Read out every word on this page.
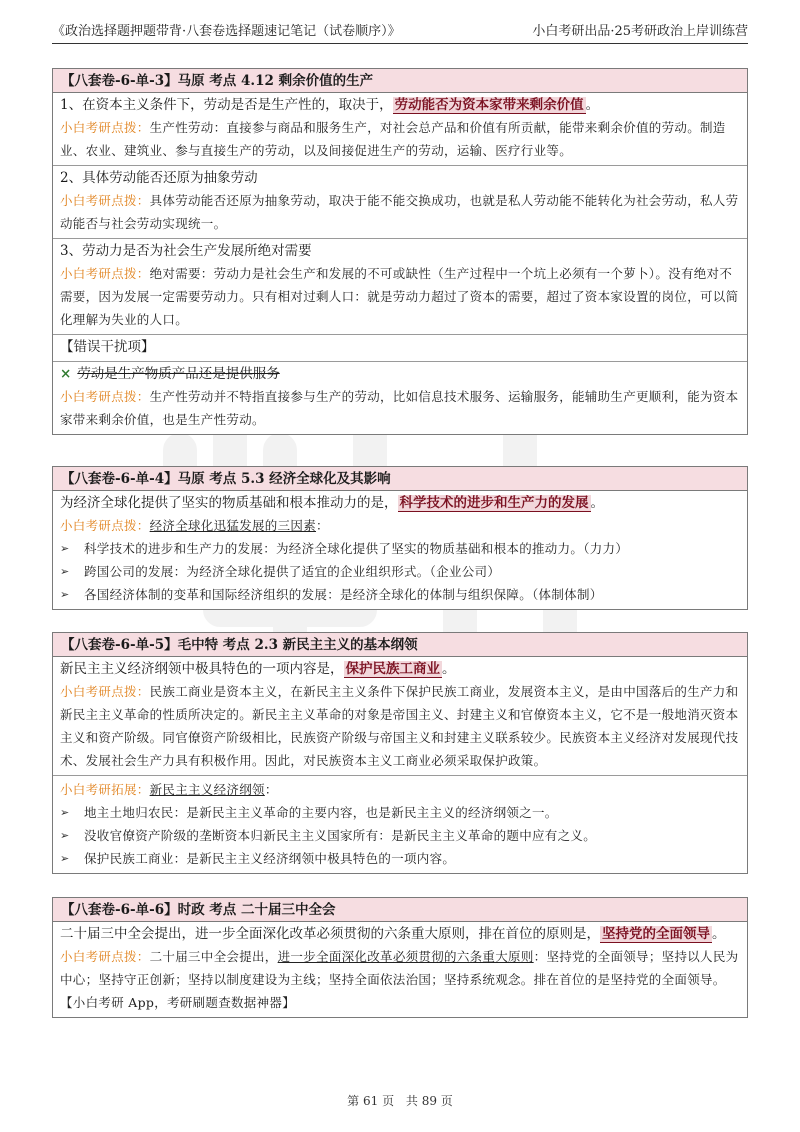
《政治选择题押题带背·八套卷选择题速记笔记（试卷顺序）》	小白考研出品·25考研政治上岸训练营
【八套卷-6-单-3】马原 考点 4.12 剩余价值的生产
1、在资本主义条件下，劳动是否是生产性的，取决于， 劳动能否为资本家带来剩余价值 。
小白考研点拨：生产性劳动：直接参与商品和服务生产，对社会总产品和价值有所贡献，能带来剩余价值的劳动。制造业、农业、建筑业、参与直接生产的劳动，以及间接促进生产的劳动，运输、医疗行业等。
2、具体劳动能否还原为抽象劳动
小白考研点拨：具体劳动能否还原为抽象劳动，取决于能不能交换成功，也就是私人劳动能不能转化为社会劳动，私人劳动能否与社会劳动实现统一。
3、劳动力是否为社会生产发展所绝对需要
小白考研点拨：绝对需要：劳动力是社会生产和发展的不可或缺性（生产过程中一个坑上必须有一个萝卜）。没有绝对不需要，因为发展一定需要劳动力。只有相对过剩人口：就是劳动力超过了资本的需要，超过了资本家设置的岗位，可以简化理解为失业的人口。
【错误干扰项】
× 劳动是生产物质产品还是提供服务
小白考研点拨：生产性劳动并不特指直接参与生产的劳动，比如信息技术服务、运输服务，能辅助生产更顺利，能为资本家带来剩余价值，也是生产性劳动。
【八套卷-6-单-4】马原 考点 5.3 经济全球化及其影响
为经济全球化提供了坚实的物质基础和根本推动力的是， 科学技术的进步和生产力的发展 。
小白考研点拨：经济全球化迅猛发展的三因素：
➢	科学技术的进步和生产力的发展：为经济全球化提供了坚实的物质基础和根本的推动力。（力力）
➢	跨国公司的发展：为经济全球化提供了适宜的企业组织形式。（企业公司）
➢	各国经济体制的变革和国际经济组织的发展：是经济全球化的体制与组织保障。（体制体制）
【八套卷-6-单-5】毛中特 考点 2.3 新民主主义的基本纲领
新民主主义经济纲领中极具特色的一项内容是， 保护民族工商业 。
小白考研点拨：民族工商业是资本主义，在新民主主义条件下保护民族工商业，发展资本主义，是由中国落后的生产力和新民主主义革命的性质所决定的。新民主主义革命的对象是帝国主义、封建主义和官僚资本主义，它不是一般地消灭资本主义和资产阶级。同官僚资产阶级相比，民族资产阶级与帝国主义和封建主义联系较少。民族资本主义经济对发展现代技术、发展社会生产力具有积极作用。因此，对民族资本主义工商业必须采取保护政策。
小白考研拓展：新民主主义经济纲领：
➢	地主土地归农民：是新民主主义革命的主要内容，也是新民主主义的经济纲领之一。
➢	没收官僚资产阶级的垄断资本归新民主主义国家所有：是新民主主义革命的题中应有之义。
➢	保护民族工商业：是新民主主义经济纲领中极具特色的一项内容。
【八套卷-6-单-6】时政 考点 二十届三中全会
二十届三中全会提出，进一步全面深化改革必须贯彻的六条重大原则，排在首位的原则是， 坚持党的全面领导 。
小白考研点拨：二十届三中全会提出，进一步全面深化改革必须贯彻的六条重大原则：坚持党的全面领导；坚持以人民为中心；坚持守正创新；坚持以制度建设为主线；坚持全面依法治国；坚持系统观念。排在首位的是坚持党的全面领导。【小白考研 App，考研刷题查数据神器】
第 61 页 共 89 页
